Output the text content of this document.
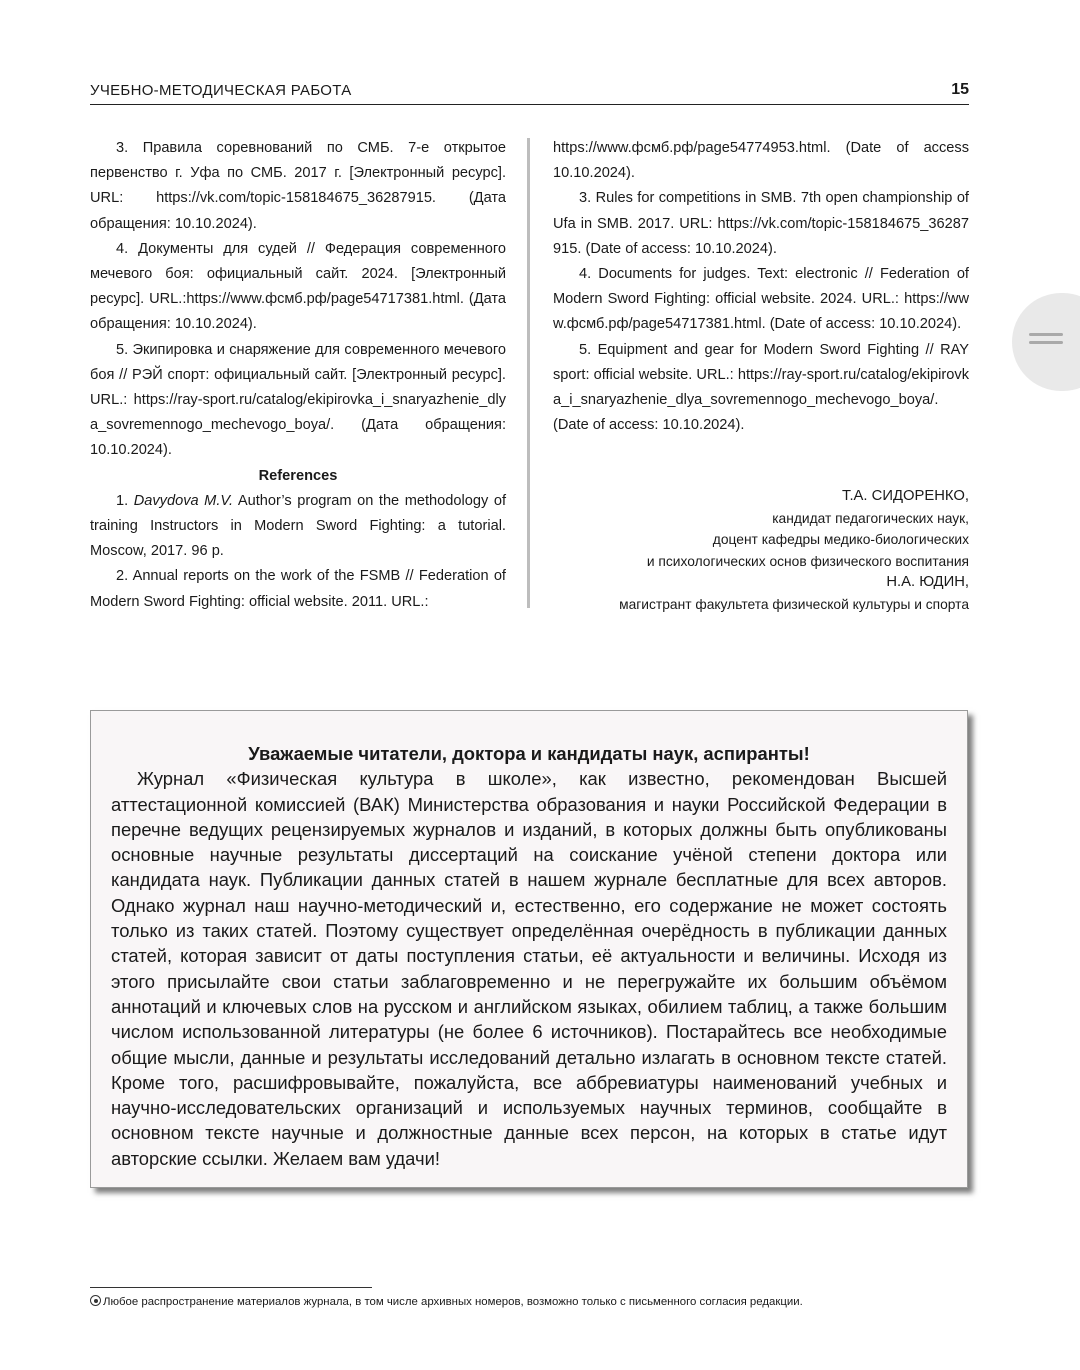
УЧЕБНО-МЕТОДИЧЕСКАЯ РАБОТА	15

3. Правила соревнований по СМБ. 7-е открытое первенство г. Уфа по СМБ. 2017 г. [Электронный ресурс]. URL: https://vk.com/topic-158184675_36287915. (Дата обращения: 10.10.2024).

4. Документы для судей // Федерация современного мечевого боя: официальный сайт. 2024. [Электронный ресурс]. URL.:https://www.фсмб.рф/page54717381.html. (Дата обращения: 10.10.2024).

5. Экипировка и снаряжение для современного мечевого боя // РЭЙ спорт: официальный сайт. [Электронный ресурс]. URL.: https://ray-sport.ru/catalog/ekipirovka_i_snaryazhenie_dlya_sovremennogo_mechevogo_boya/. (Дата обращения: 10.10.2024).

References

1. Davydova M.V. Author’s program on the methodology of training Instructors in Modern Sword Fighting: a tutorial. Moscow, 2017. 96 p.

2. Annual reports on the work of the FSMB // Federation of Modern Sword Fighting: official website. 2011. URL.:

https://www.фсмб.рф/page54774953.html. (Date of access 10.10.2024).

3. Rules for competitions in SMB. 7th open championship of Ufa in SMB. 2017. URL: https://vk.com/topic-158184675_36287915. (Date of access: 10.10.2024).

4. Documents for judges. Text: electronic // Federation of Modern Sword Fighting: official website. 2024. URL.: https://www.фсмб.рф/page54717381.html. (Date of access: 10.10.2024).

5. Equipment and gear for Modern Sword Fighting // RAY sport: official website. URL.: https://ray-sport.ru/catalog/ekipirovka_i_snaryazhenie_dlya_sovremennogo_mechevogo_boya/. (Date of access: 10.10.2024).

Т.А. СИДОРЕНКО,
кандидат педагогических наук,
доцент кафедры медико-биологических
и психологических основ физического воспитания
Н.А. ЮДИН,
магистрант факультета физической культуры и спорта
Уважаемые читатели, доктора и кандидаты наук, аспиранты!

Журнал «Физическая культура в школе», как известно, рекомендован Высшей аттестационной комиссией (ВАК) Министерства образования и науки Российской Федерации в перечне ведущих рецензируемых журналов и изданий, в которых должны быть опубликованы основные научные результаты диссертаций на соискание учёной степени доктора или кандидата наук. Публикации данных статей в нашем журнале бесплатные для всех авторов. Однако журнал наш научно-методический и, естественно, его содержание не может состоять только из таких статей. Поэтому существует определённая очерёдность в публикации данных статей, которая зависит от даты поступления статьи, её актуальности и величины. Исходя из этого присылайте свои статьи заблаговременно и не перегружайте их большим объёмом аннотаций и ключевых слов на русском и английском языках, обилием таблиц, а также большим числом использованной литературы (не более 6 источников). Постарайтесь все необходимые общие мысли, данные и результаты исследований детально излагать в основном тексте статей. Кроме того, расшифровывайте, пожалуйста, все аббревиатуры наименований учебных и научно-исследовательских организаций и используемых научных терминов, сообщайте в основном тексте научные и должностные данные всех персон, на которых в статье идут авторские ссылки. Желаем вам удачи!

Любое распространение материалов журнала, в том числе архивных номеров, возможно только с письменного согласия редакции.
